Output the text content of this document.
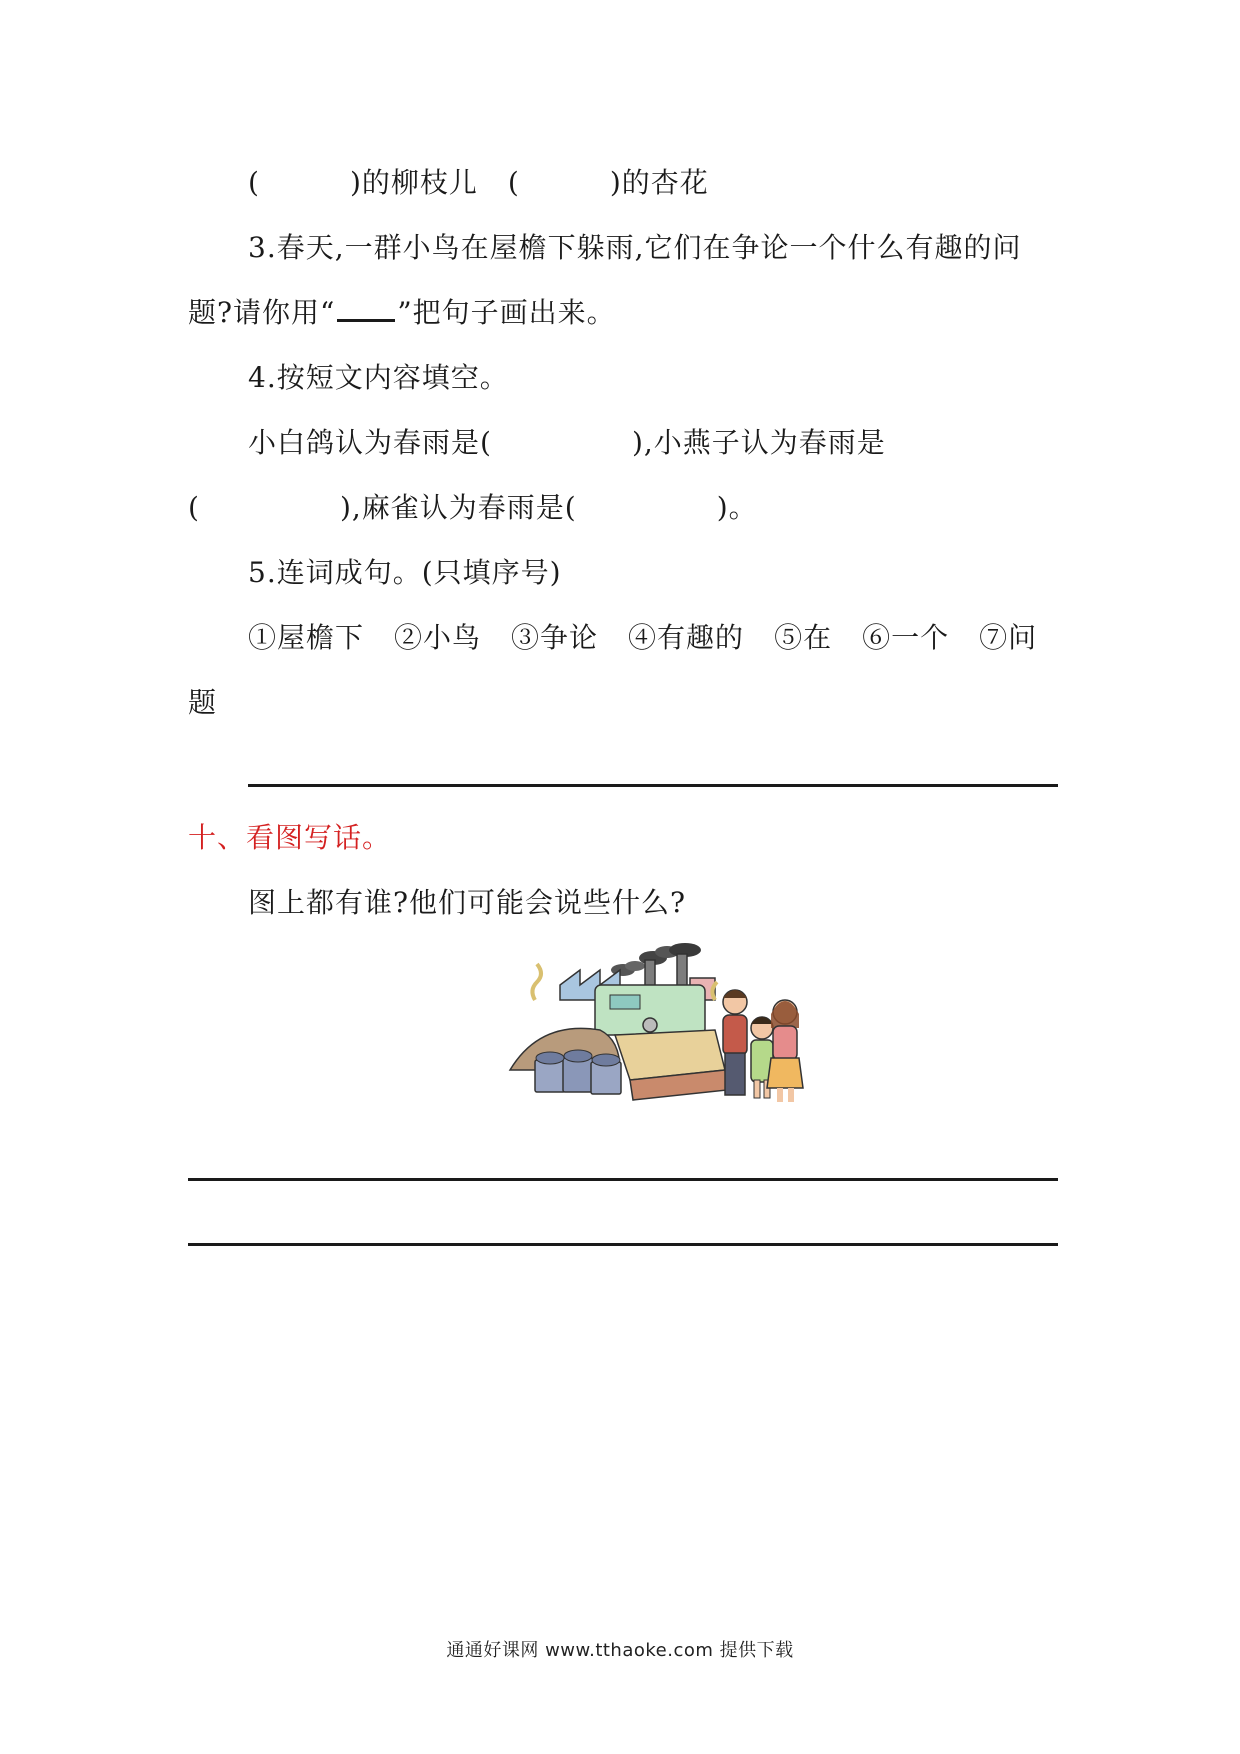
(	)的柳枝儿 (	)的杏花
3.春天,一群小鸟在屋檐下躲雨,它们在争论一个什么有趣的问
题?请你用“ ”把句子画出来。
4.按短文内容填空。
小白鸽认为春雨是(	),小燕子认为春雨是
(	),麻雀认为春雨是(	)。
5.连词成句。(只填序号)
①屋檐下 ②小鸟 ③争论 ④有趣的 ⑤在 ⑥一个 ⑦问
题
十、看图写话。
图上都有谁?他们可能会说些什么?
通通好课网 www.tthaoke.com 提供下载
